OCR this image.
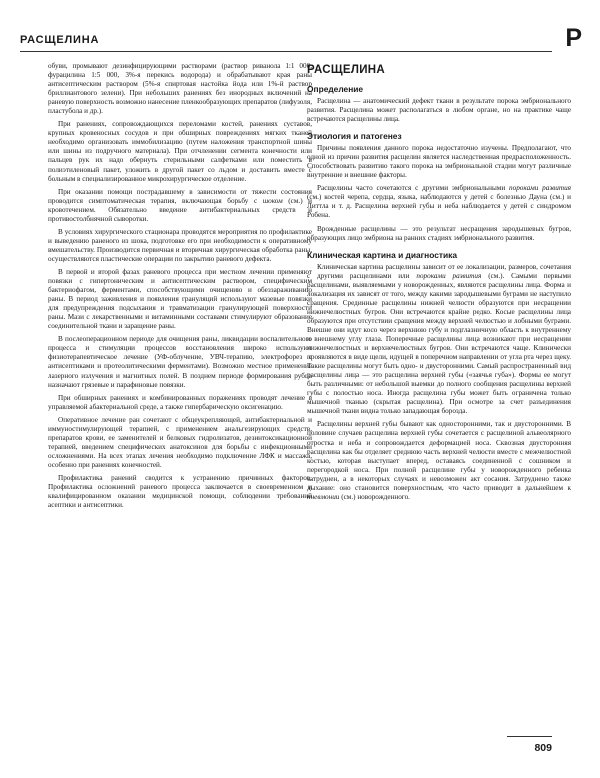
РАСЩЕЛИНА	Р

обуви, промывают дезинфицирующими растворами (раствор риванола 1:1 000, фурацилина 1:5 000, 3%-я перекись водорода) и обрабатывают края раны антисептическим раствором (5%-я спиртовая настойка йода или 1%-й раствор бриллиантового зелени). При небольших ранениях без инородных включений на раневую поверхность возможно нанесение пленкообразующих препаратов (лифузоля, пластубола и др.).

При ранениях, сопровождающихся переломами костей, ранениях суставов, крупных кровеносных сосудов и при обширных повреждениях мягких тканей необходимо организовать иммобилизацию (путем наложения транспортной шины или шины из подручного материала). При отчленении сегмента конечности или пальцев рук их надо обернуть стерильными салфетками или поместить в полиэтиленовый пакет, уложить в другой пакет со льдом и доставить вместе с больным в специализированное микрохирургическое отделение.

При оказании помощи пострадавшему в зависимости от тяжести состояния проводится симптоматическая терапия, включающая борьбу с шоком (см.) и кровотечением. Обязательно введение антибактериальных средств и противостолбнячной сыворотки.

В условиях хирургического стационара проводятся мероприятия по профилактике и выведению раненого из шока, подготовке его при необходимости к оперативному вмешательству. Производится первичная и вторичная хирургическая обработка раны, осуществляются пластические операции по закрытию раневого дефекта.

В первой и второй фазах раневого процесса при местном лечении применяют повязки с гипертоническим и антисептическим раствором, специфическим бактериофагом, ферментами, способствующими очищению и обеззараживанию раны. В период заживления и появления грануляций используют мазевые повязки для предупреждения подсыхания и травматизации гранулирующей поверхности раны. Мази с лекарственными и витаминными составами стимулируют образование соединительной ткани и заращение раны.

В послеоперационном периоде для очищения раны, ликвидации воспалительного процесса и стимуляции процессов восстановления широко используют физиотерапевтическое лечение (УФ-облучение, УВЧ-терапию, электрофорез с антисептиками и протеолитическими ферментами). Возможно местное применение лазерного излучения и магнитных полей. В позднем периоде формирования рубца назначают грязевые и парафиновые повязки.

При обширных ранениях и комбинированных поражениях проводят лечение в управляемой абактериальной среде, а также гипербарическую оксигенацию.

Оперативное лечение ран сочетают с общеукрепляющей, антибактериальной и иммуностимулирующей терапией, с применением анальгезирующих средств, препаратов крови, ее заменителей и белковых гидролизатов, дезинтоксикационной терапией, введением специфических анатоксинов для борьбы с инфекционными осложнениями. На всех этапах лечения необходимо подключение ЛФК и массажа, особенно при ранениях конечностей.

Профилактика ранений сводится к устранению причинных факторов. Профилактика осложнений раневого процесса заключается в своевременном и квалифицированном оказании медицинской помощи, соблюдении требований асептики и антисептики.

РАСЩЕЛИНА
Определение

Расщелина — анатомический дефект ткани в результате порока эмбрионального развития. Расщелина может располагаться в любом органе, но на практике чаще встречаются расщелины лица.

Этиология и патогенез

Причины появления данного порока недостаточно изучены. Предполагают, что одной из причин развития расщелин является наследственная предрасположенность. Способствовать развитию такого порока на эмбриональной стадии могут различные внутренние и внешние факторы.

Расщелины часто сочетаются с другими эмбриональными пороками развития (см.) костей черепа, сердца, языка, наблюдаются у детей с болезнью Дауна (см.) и Литтла и т. д. Расщелина верхней губы и неба наблюдается у детей с синдромом Робена.

Врожденные расщелины — это результат несращения зародышевых бугров, образующих лицо эмбриона на ранних стадиях эмбрионального развития.

Клиническая картина и диагностика

Клиническая картина расщелины зависит от ее локализации, размеров, сочетания с другими расщелинами или пороками развития (см.). Самыми первыми расщелинами, выявляемыми у новорожденных, являются расщелины лица. Форма и локализация их зависят от того, между какими зародышевыми буграми не наступило сращения. Срединные расщелины нижней челюсти образуются при несращении нижнечелюстных бугров. Они встречаются крайне редко. Косые расщелины лица образуются при отсутствии сращения между верхней челюстью и лобными буграми. Внешне они идут косо через верхнюю губу и подглазничную область к внутреннему и внешнему углу глаза. Поперечные расщелины лица возникают при несращении нижнечелюстных и верхнечелюстных бугров. Они встречаются чаще. Клинически проявляются в виде щели, идущей в поперечном направлении от угла рта через щеку. Такие расщелины могут быть одно- и двусторонними. Самый распространенный вид расщелины лица — это расщелина верхней губы («заячья губа»). Формы ее могут быть различными: от небольшой выемки до полного сообщения расщелины верхней губы с полостью носа. Иногда расщелина губы может быть ограничена только мышечной тканью (скрытая расщелина). При осмотре за счет разъединения мышечной ткани видна только западающая борозда.

Расщелины верхней губы бывают как односторонними, так и двусторонними. В половине случаев расщелина верхней губы сочетается с расщелиной альвеолярного отростка и неба и сопровождается деформацией носа. Сквозная двусторонняя расщелина как бы отделяет среднюю часть верхней челюсти вместе с межчелюстной костью, которая выступает вперед, оставаясь соединенной с сошником и перегородкой носа. При полной расщелине губы у новорожденного ребенка затруднен, а в некоторых случаях и невозможен акт сосания. Затруднено также дыхание: оно становится поверхностным, что часто приводит в дальнейшем к пневмонии (см.) новорожденного.

809
